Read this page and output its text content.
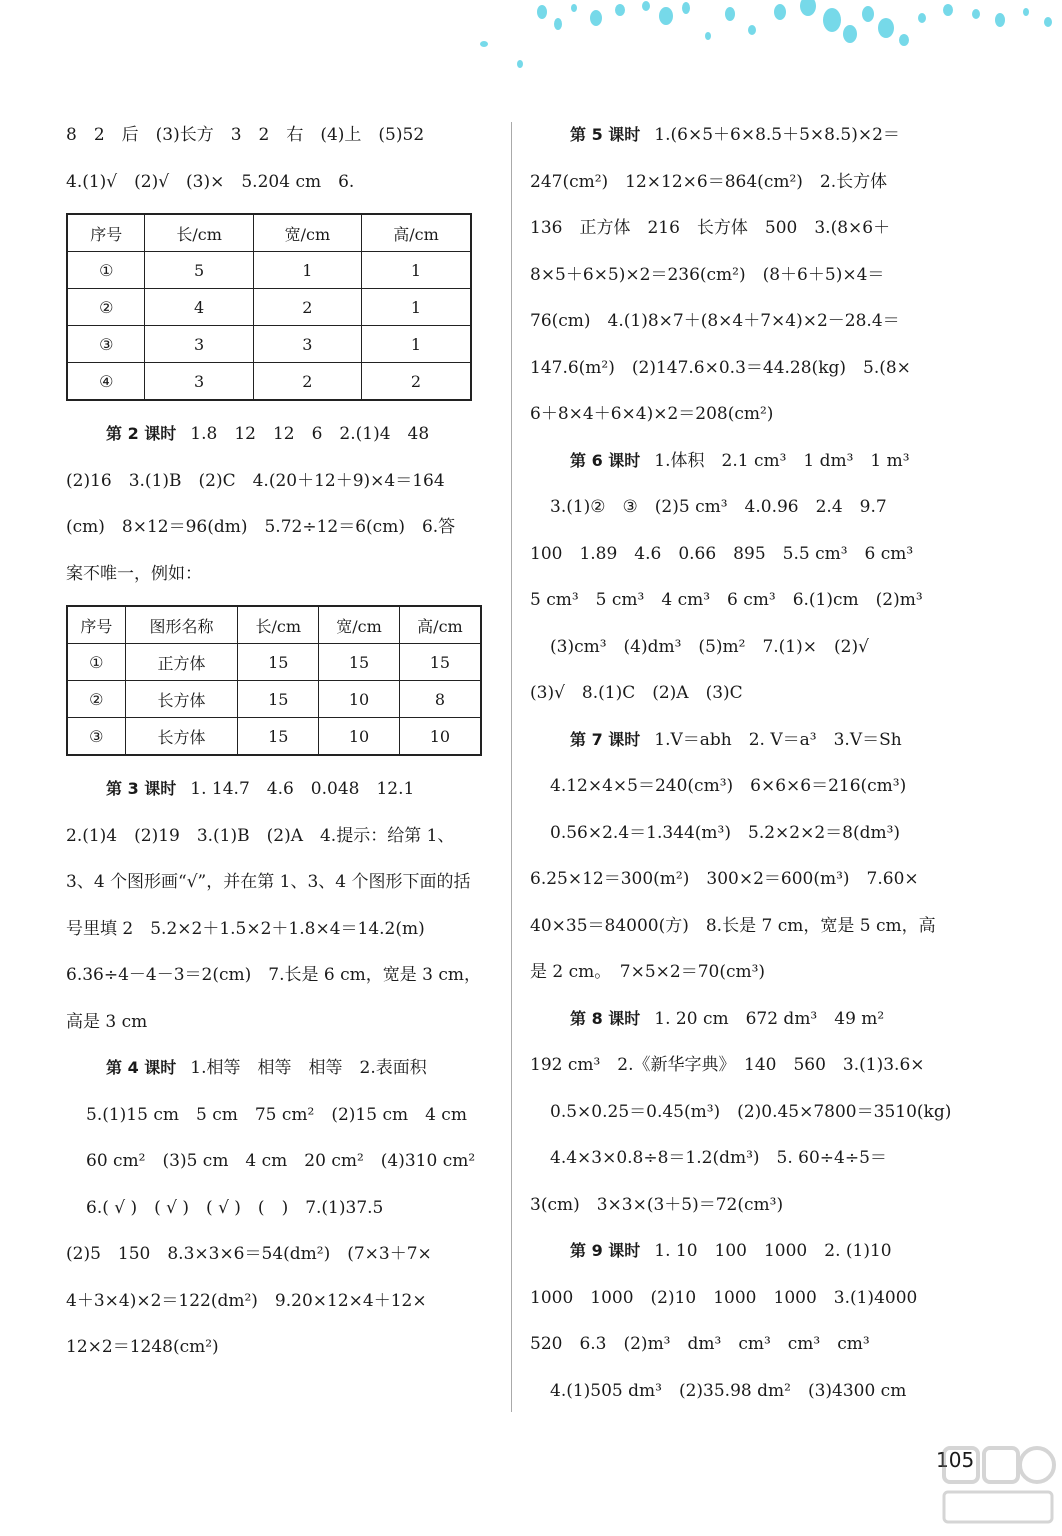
8　2　后　(3)长方　3　2　右　(4)上　(5)52
4.(1)√　(2)√　(3)×　5.204 cm　6.
序号	长/cm	宽/cm	高/cm
①	5	1	1
②	4	2	1
③	3	3	1
④	3	2	2
第 2 课时 1.8　12　12　6　2.(1)4　48
(2)16　3.(1)B　(2)C　4.(20＋12＋9)×4＝164
(cm)　8×12＝96(dm)　5.72÷12＝6(cm)　6.答
案不唯一，例如：
序号	图形名称	长/cm	宽/cm	高/cm
①	正方体	15	15	15
②	长方体	15	10	8
③	长方体	15	10	10
第 3 课时 1. 14.7　4.6　0.048　12.1
2.(1)4　(2)19　3.(1)B　(2)A　4.提示：给第 1、
3、4 个图形画“√”，并在第 1、3、4 个图形下面的括
号里填 2　5.2×2＋1.5×2＋1.8×4＝14.2(m)
6.36÷4－4－3＝2(cm)　7.长是 6 cm，宽是 3 cm，
高是 3 cm
第 4 课时 1.相等　相等　相等　2.表面积
5.(1)15 cm　5 cm　75 cm²　(2)15 cm　4 cm
60 cm²　(3)5 cm　4 cm　20 cm²　(4)310 cm²
6.( √ )　( √ )　( √ )　(　)　7.(1)37.5
(2)5　150　8.3×3×6＝54(dm²)　(7×3＋7×
4＋3×4)×2＝122(dm²)　9.20×12×4＋12×
12×2＝1248(cm²)
第 5 课时 1.(6×5＋6×8.5＋5×8.5)×2＝
247(cm²)　12×12×6＝864(cm²)　2.长方体
136　正方体　216　长方体　500　3.(8×6＋
8×5＋6×5)×2＝236(cm²)　(8＋6＋5)×4＝
76(cm)　4.(1)8×7＋(8×4＋7×4)×2－28.4＝
147.6(m²)　(2)147.6×0.3＝44.28(kg)　5.(8×
6＋8×4＋6×4)×2＝208(cm²)
第 6 课时 1.体积　2.1 cm³　1 dm³　1 m³
3.(1)②　③　(2)5 cm³　4.0.96　2.4　9.7
100　1.89　4.6　0.66　895　5.5 cm³　6 cm³
5 cm³　5 cm³　4 cm³　6 cm³　6.(1)cm　(2)m³
(3)cm³　(4)dm³　(5)m²　7.(1)×　(2)√
(3)√　8.(1)C　(2)A　(3)C
第 7 课时 1.V＝abh　2. V＝a³　3.V＝Sh
4.12×4×5＝240(cm³)　6×6×6＝216(cm³)
0.56×2.4＝1.344(m³)　5.2×2×2＝8(dm³)
6.25×12＝300(m²)　300×2＝600(m³)　7.60×
40×35＝84000(方)　8.长是 7 cm，宽是 5 cm，高
是 2 cm。　7×5×2＝70(cm³)
第 8 课时 1. 20 cm　672 dm³　49 m²
192 cm³　2.《新华字典》　140　560　3.(1)3.6×
0.5×0.25＝0.45(m³)　(2)0.45×7800＝3510(kg)
4.4×3×0.8÷8＝1.2(dm³)　5. 60÷4÷5＝
3(cm)　3×3×(3＋5)＝72(cm³)
第 9 课时 1. 10　100　1000　2. (1)10
1000　1000　(2)10　1000　1000　3.(1)4000
520　6.3　(2)m³　dm³　cm³　cm³　cm³
4.(1)505 dm³　(2)35.98 dm²　(3)4300 cm
105
